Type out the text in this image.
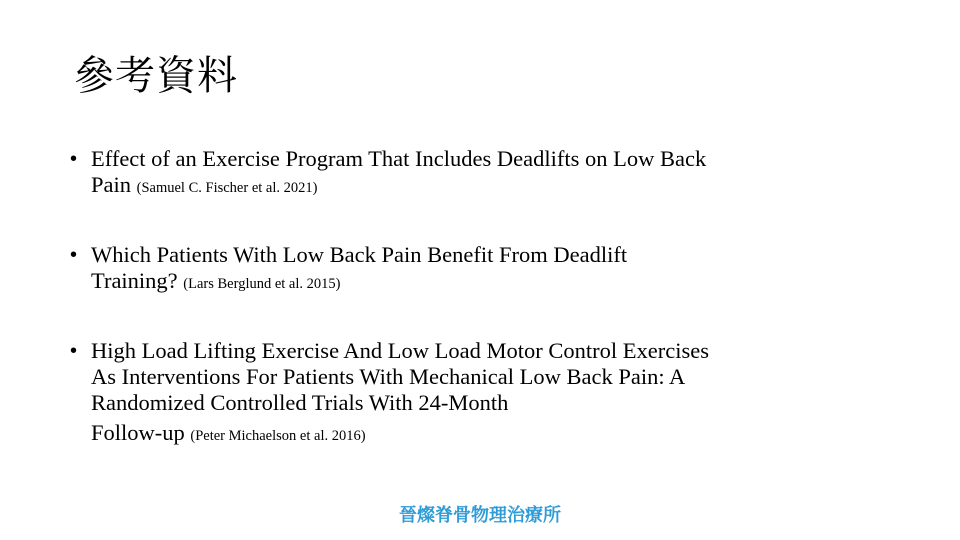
參考資料
• Effect of an Exercise Program That Includes Deadlifts on Low Back Pain (Samuel C. Fischer et al. 2021)
• Which Patients With Low Back Pain Benefit From Deadlift Training? (Lars Berglund et al. 2015)
• High Load Lifting Exercise And Low Load Motor Control Exercises As Interventions For Patients With Mechanical Low Back Pain: A Randomized Controlled Trials With 24-Month Follow-up (Peter Michaelson et al. 2016)
晉燦脊骨物理治療所
